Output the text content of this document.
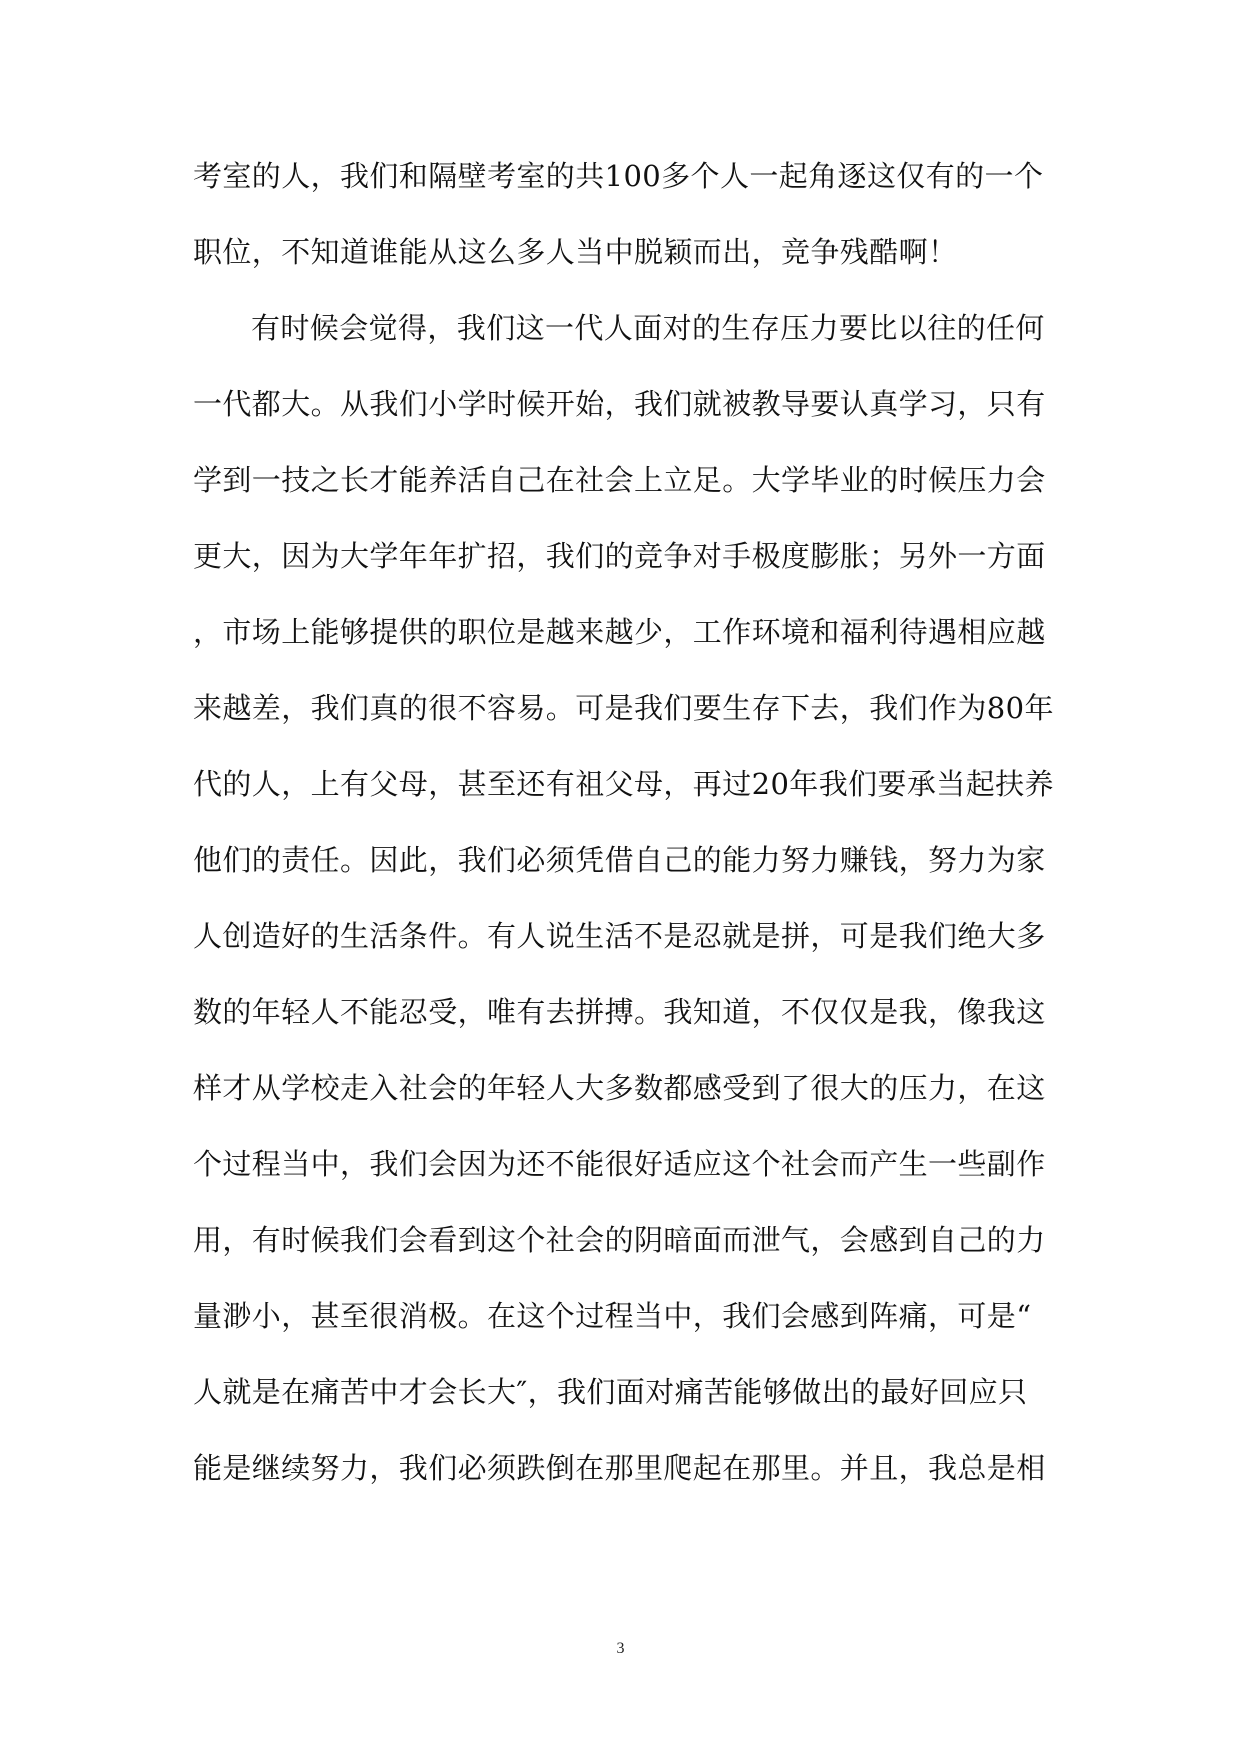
考室的人，我们和隔壁考室的共100多个人一起角逐这仅有的一个
职位，不知道谁能从这么多人当中脱颖而出，竞争残酷啊！
有时候会觉得，我们这一代人面对的生存压力要比以往的任何
一代都大。从我们小学时候开始，我们就被教导要认真学习，只有
学到一技之长才能养活自己在社会上立足。大学毕业的时候压力会
更大，因为大学年年扩招，我们的竞争对手极度膨胀；另外一方面
，市场上能够提供的职位是越来越少，工作环境和福利待遇相应越
来越差，我们真的很不容易。可是我们要生存下去，我们作为80年
代的人，上有父母，甚至还有祖父母，再过20年我们要承当起扶养
他们的责任。因此，我们必须凭借自己的能力努力赚钱，努力为家
人创造好的生活条件。有人说生活不是忍就是拼，可是我们绝大多
数的年轻人不能忍受，唯有去拼搏。我知道，不仅仅是我，像我这
样才从学校走入社会的年轻人大多数都感受到了很大的压力，在这
个过程当中，我们会因为还不能很好适应这个社会而产生一些副作
用，有时候我们会看到这个社会的阴暗面而泄气，会感到自己的力
量渺小，甚至很消极。在这个过程当中，我们会感到阵痛，可是“
人就是在痛苦中才会长大″，我们面对痛苦能够做出的最好回应只
能是继续努力，我们必须跌倒在那里爬起在那里。并且，我总是相
3
